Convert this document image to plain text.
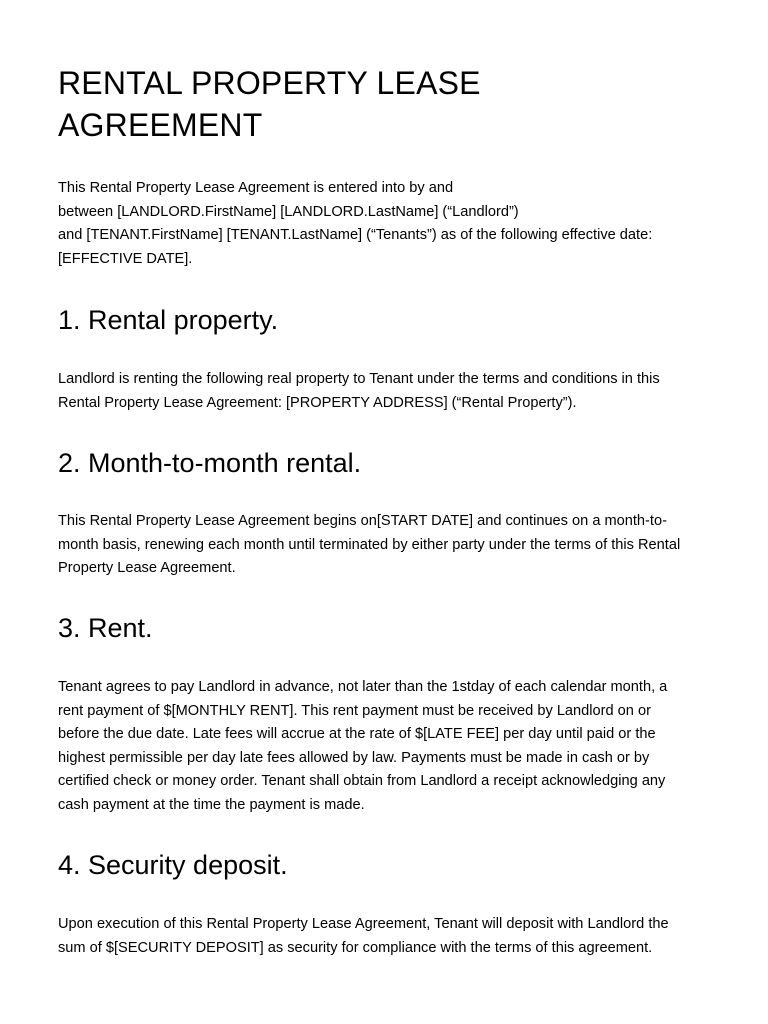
RENTAL PROPERTY LEASE
AGREEMENT

This Rental Property Lease Agreement is entered into by and
between [LANDLORD.FirstName] [LANDLORD.LastName] (“Landlord”)
and [TENANT.FirstName] [TENANT.LastName] (“Tenants”) as of the following effective date:
[EFFECTIVE DATE].

1. Rental property.

Landlord is renting the following real property to Tenant under the terms and conditions in this
Rental Property Lease Agreement: [PROPERTY ADDRESS] (“Rental Property”).

2. Month-to-month rental.

This Rental Property Lease Agreement begins on[START DATE] and continues on a month-to-
month basis, renewing each month until terminated by either party under the terms of this Rental
Property Lease Agreement.

3. Rent.

Tenant agrees to pay Landlord in advance, not later than the 1stday of each calendar month, a
rent payment of $[MONTHLY RENT]. This rent payment must be received by Landlord on or
before the due date. Late fees will accrue at the rate of $[LATE FEE] per day until paid or the
highest permissible per day late fees allowed by law. Payments must be made in cash or by
certified check or money order. Tenant shall obtain from Landlord a receipt acknowledging any
cash payment at the time the payment is made.

4. Security deposit.

Upon execution of this Rental Property Lease Agreement, Tenant will deposit with Landlord the
sum of $[SECURITY DEPOSIT] as security for compliance with the terms of this agreement.
